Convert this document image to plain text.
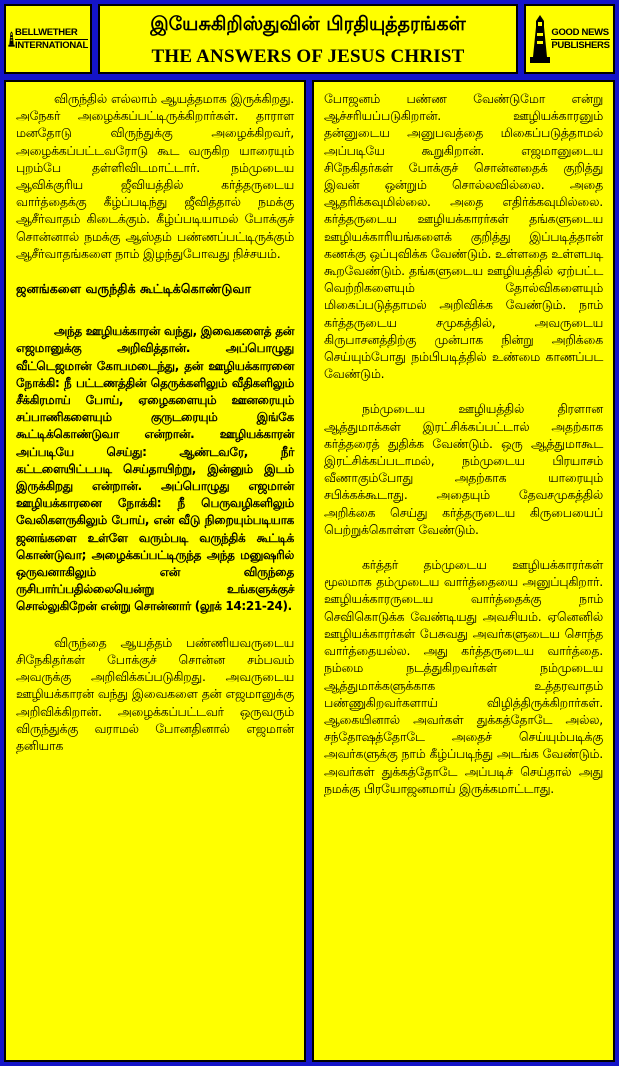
BELLWETHER
INTERNATIONAL
இயேசுகிறிஸ்துவின் பிரதியுத்தரங்கள்
THE ANSWERS OF JESUS CHRIST
GOOD NEWS
PUBLISHERS

விருந்தில் எல்லாம் ஆயத்தமாக இருக்கிறது. அநேகர் அழைக்கப்பட்டிருக்கிறார்கள். தாராள மனதோடு விருந்துக்கு அழைக்கிறவர், அழைக்கப்பட்டவரோடு கூட வருகிற யாரையும் புறம்பே தள்ளிவிடமாட்டார். நம்முடைய ஆவிக்குரிய ஜீவியத்தில் கர்த்தருடைய வார்த்தைக்கு கீழ்ப்படிந்து ஜீவித்தால் நமக்கு ஆசீர்வாதம் கிடைக்கும். கீழ்ப்படியாமல் போக்குச் சொன்னால் நமக்கு ஆஸ்தம் பண்ணப்பட்டிருக்கும் ஆசீர்வாதங்களை நாம் இழந்துபோவது நிச்சயம்.

ஜனங்களை வருந்திக் கூட்டிக்கொண்டுவா

அந்த ஊழியக்காரன் வந்து, இவைகளைத் தன் எஜமானுக்கு அறிவித்தான். அப்பொழுது வீட்டெஜமான் கோபமடைந்து, தன் ஊழியக்காரனை நோக்கி: நீ பட்டணத்தின் தெருக்களிலும் வீதிகளிலும் சீக்கிரமாய் போய், ஏழைகளையும் ஊனரையும் சப்பாணிகளையும் குருடரையும் இங்கே கூட்டிக்கொண்டுவா என்றான். ஊழியக்காரன் அப்படியே செய்து: ஆண்டவரே, நீர் கட்டளையிட்டபடி செய்தாயிற்று, இன்னும் இடம் இருக்கிறது என்றான். அப்பொழுது எஜமான் ஊழியக்காரனை நோக்கி: நீ பெருவழிகளிலும் வேலிகளருகிலும் போய், என் வீடு நிறையும்படியாக ஜனங்களை உள்ளே வரும்படி வருந்திக் கூட்டிக் கொண்டுவா; அழைக்கப்பட்டிருந்த அந்த மனுஷரில் ஒருவனாகிலும் என் விருந்தை ருசிபார்ப்பதில்லையென்று உங்களுக்குச் சொல்லுகிறேன் என்று சொன்னார் (லூக் 14:21-24).

விருந்தை ஆயத்தம் பண்ணியவருடைய சிநேகிதர்கள் போக்குச் சொன்ன சம்பவம் அவருக்கு அறிவிக்கப்படுகிறது. அவருடைய ஊழியக்காரன் வந்து இவைகளை தன் எஜமானுக்கு அறிவிக்கிறான். அழைக்கப்பட்டவர் ஒருவரும் விருந்துக்கு வராமல் போனதினால் எஜமான் தனியாக

போஜனம் பண்ண வேண்டுமோ என்று ஆச்சரியப்படுகிறான். ஊழியக்காரனும் தன்னுடைய அனுபவத்தை மிகைப்படுத்தாமல் அப்படியே கூறுகிறான். எஜமானுடைய சிநேகிதர்கள் போக்குச் சொன்னதைக் குறித்து இவன் ஒன்றும் சொல்லவில்லை. அதை ஆதரிக்கவுமில்லை. அதை எதிர்க்கவுமில்லை. கர்த்தருடைய ஊழியக்காரர்கள் தங்களுடைய ஊழியக்காரியங்களைக் குறித்து இப்படித்தான் கணக்கு ஒப்புவிக்க வேண்டும். உள்ளதை உள்ளபடி கூறவேண்டும். தங்களுடைய ஊழியத்தில் ஏற்பட்ட வெற்றிகளையும் தோல்விகளையும் மிகைப்படுத்தாமல் அறிவிக்க வேண்டும். நாம் கர்த்தருடைய சமுகத்தில், அவருடைய கிருபாசனத்திற்கு முன்பாக நின்று அறிக்கை செய்யும்போது நம்பிபடித்தில் உண்மை காணப்பட வேண்டும்.

நம்முடைய ஊழியத்தில் திரளான ஆத்துமாக்கள் இரட்சிக்கப்பட்டால் அதற்காக கர்த்தரைத் துதிக்க வேண்டும். ஒரு ஆத்துமாகூட இரட்சிக்கப்படாமல், நம்முடைய பிரயாசம் வீணாகும்போது அதற்காக யாரையும் சபிக்கக்கூடாது. அதையும் தேவசமுகத்தில் அறிக்கை செய்து கர்த்தருடைய கிருபையைப் பெற்றுக்கொள்ள வேண்டும்.

கர்த்தர் தம்முடைய ஊழியக்காரர்கள் மூலமாக தம்முடைய வார்த்தையை அனுப்புகிறார். ஊழியக்காரருடைய வார்த்தைக்கு நாம் செவிகொடுக்க வேண்டியது அவசியம். ஏனெனில் ஊழியக்காரர்கள் பேசுவது அவர்களுடைய சொந்த வார்த்தையல்ல. அது கர்த்தருடைய வார்த்தை. நம்மை நடத்துகிறவர்கள் நம்முடைய ஆத்துமாக்களுக்காக உத்தரவாதம் பண்ணுகிறவர்களாய் விழித்திருக்கிறார்கள். ஆகையினால் அவர்கள் துக்கத்தோடே அல்ல, சந்தோஷத்தோடே அதைச் செய்யும்படிக்கு அவர்களுக்கு நாம் கீழ்ப்படிந்து அடங்க வேண்டும். அவர்கள் துக்கத்தோடே அப்படிச் செய்தால் அது நமக்கு பிரயோஜனமாய் இருக்கமாட்டாது.
